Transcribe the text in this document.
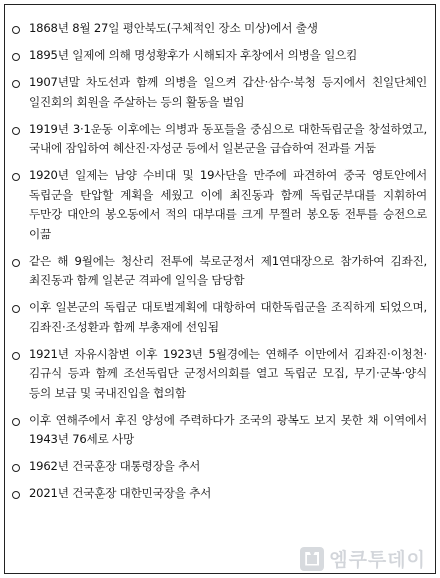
1868년 8월 27일 평안북도(구체적인 장소 미상)에서 출생
1895년 일제에 의해 명성황후가 시해되자 후창에서 의병을 일으킴
1907년말 차도선과 함께 의병을 일으켜 갑산·삼수·북청 등지에서 친일단체인 일진회의 회원을 주살하는 등의 활동을 벌임
1919년 3·1운동 이후에는 의병과 동포들을 중심으로 대한독립군을 창설하였고, 국내에 잠입하여 혜산진·자성군 등에서 일본군을 급습하여 전과를 거둠
1920년 일제는 남양 수비대 및 19사단을 만주에 파견하여 중국 영토안에서 독립군을 탄압할 계획을 세웠고 이에 최진동과 함께 독립군부대를 지휘하여 두만강 대안의 봉오동에서 적의 대부대를 크게 무찔러 봉오동 전투를 승전으로 이끎
같은 해 9월에는 청산리 전투에 북로군정서 제1연대장으로 참가하여 김좌진, 최진동과 함께 일본군 격파에 일익을 담당함
이후 일본군의 독립군 대토벌계획에 대항하여 대한독립군을 조직하게 되었으며, 김좌진·조성환과 함께 부총재에 선임됨
1921년 자유시참변 이후 1923년 5월경에는 연해주 이만에서 김좌진·이청천·김규식 등과 함께 조선독립단 군정서의회를 열고 독립군 모집, 무기·군복·양식 등의 보급 및 국내진입을 협의함
이후 연해주에서 후진 양성에 주력하다가 조국의 광복도 보지 못한 채 이역에서 1943년 76세로 사망
1962년 건국훈장 대통령장을 추서
2021년 건국훈장 대한민국장을 추서
엠쿠투데이
